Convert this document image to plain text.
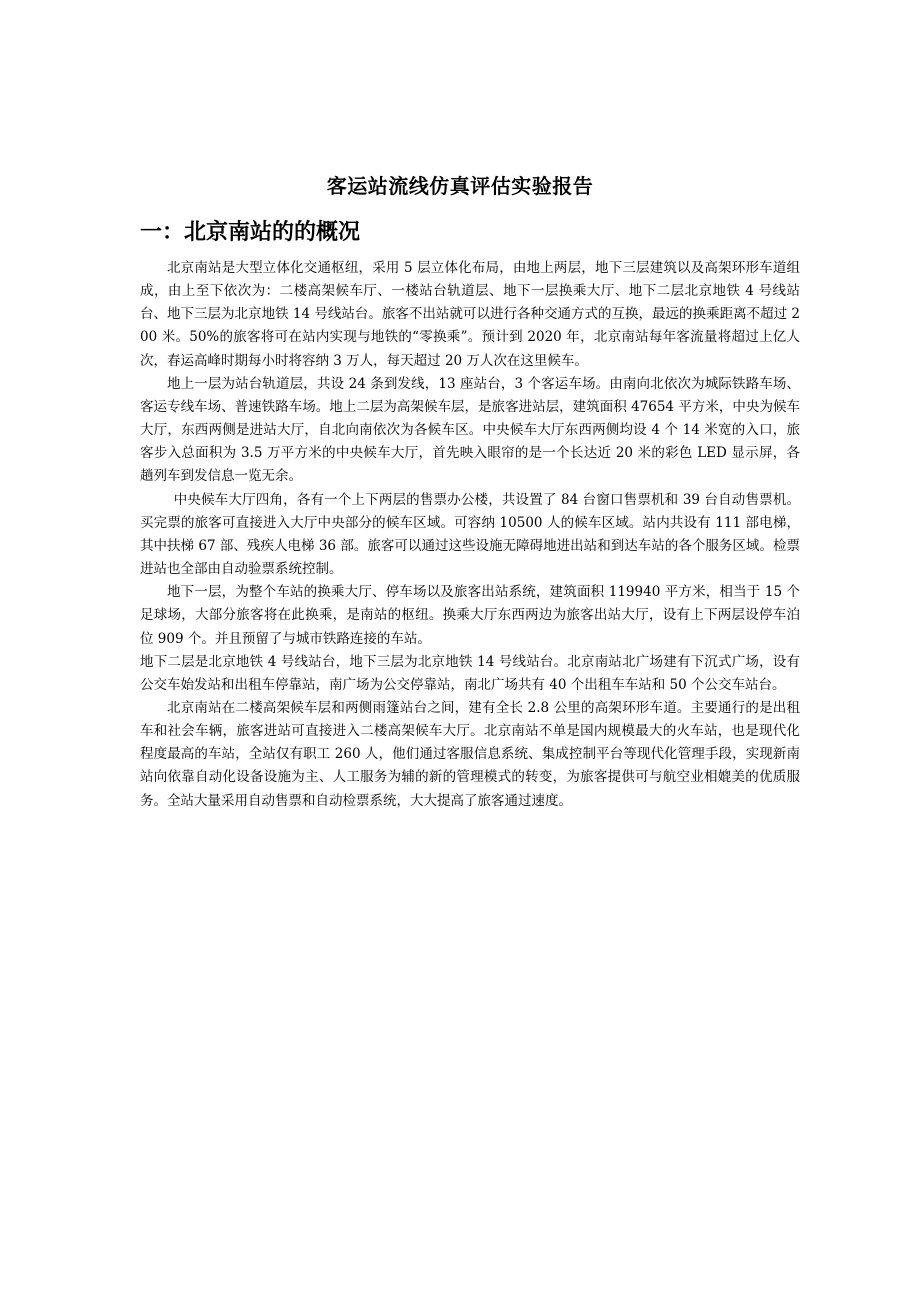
客运站流线仿真评估实验报告
一：北京南站的的概况

北京南站是大型立体化交通枢纽，采用 5 层立体化布局，由地上两层，地下三层建筑以及高架环形车道组成，由上至下依次为：二楼高架候车厅、一楼站台轨道层、地下一层换乘大厅、地下二层北京地铁 4 号线站台、地下三层为北京地铁 14 号线站台。旅客不出站就可以进行各种交通方式的互换，最远的换乘距离不超过 200 米。50%的旅客将可在站内实现与地铁的“零换乘”。预计到 2020 年，北京南站每年客流量将超过上亿人次，春运高峰时期每小时将容纳 3 万人，每天超过 20 万人次在这里候车。

地上一层为站台轨道层，共设 24 条到发线，13 座站台，3 个客运车场。由南向北依次为城际铁路车场、客运专线车场、普速铁路车场。地上二层为高架候车层，是旅客进站层，建筑面积 47654 平方米，中央为候车大厅，东西两侧是进站大厅，自北向南依次为各候车区。中央候车大厅东西两侧均设 4 个 14 米宽的入口，旅客步入总面积为 3.5 万平方米的中央候车大厅，首先映入眼帘的是一个长达近 20 米的彩色 LED 显示屏，各趟列车到发信息一览无余。

中央候车大厅四角，各有一个上下两层的售票办公楼，共设置了 84 台窗口售票机和 39 台自动售票机。买完票的旅客可直接进入大厅中央部分的候车区域。可容纳 10500 人的候车区域。站内共设有 111 部电梯，其中扶梯 67 部、残疾人电梯 36 部。旅客可以通过这些设施无障碍地进出站和到达车站的各个服务区域。检票进站也全部由自动验票系统控制。

地下一层，为整个车站的换乘大厅、停车场以及旅客出站系统，建筑面积 119940 平方米，相当于 15 个足球场，大部分旅客将在此换乘，是南站的枢纽。换乘大厅东西两边为旅客出站大厅，设有上下两层设停车泊位 909 个。并且预留了与城市铁路连接的车站。

地下二层是北京地铁 4 号线站台，地下三层为北京地铁 14 号线站台。北京南站北广场建有下沉式广场，设有公交车始发站和出租车停靠站，南广场为公交停靠站，南北广场共有 40 个出租车车站和 50 个公交车站台。

北京南站在二楼高架候车层和两侧雨篷站台之间，建有全长 2.8 公里的高架环形车道。主要通行的是出租车和社会车辆，旅客进站可直接进入二楼高架候车大厅。北京南站不单是国内规模最大的火车站，也是现代化程度最高的车站，全站仅有职工 260 人，他们通过客服信息系统、集成控制平台等现代化管理手段，实现新南站向依靠自动化设备设施为主、人工服务为辅的新的管理模式的转变，为旅客提供可与航空业相媲美的优质服务。全站大量采用自动售票和自动检票系统，大大提高了旅客通过速度。
